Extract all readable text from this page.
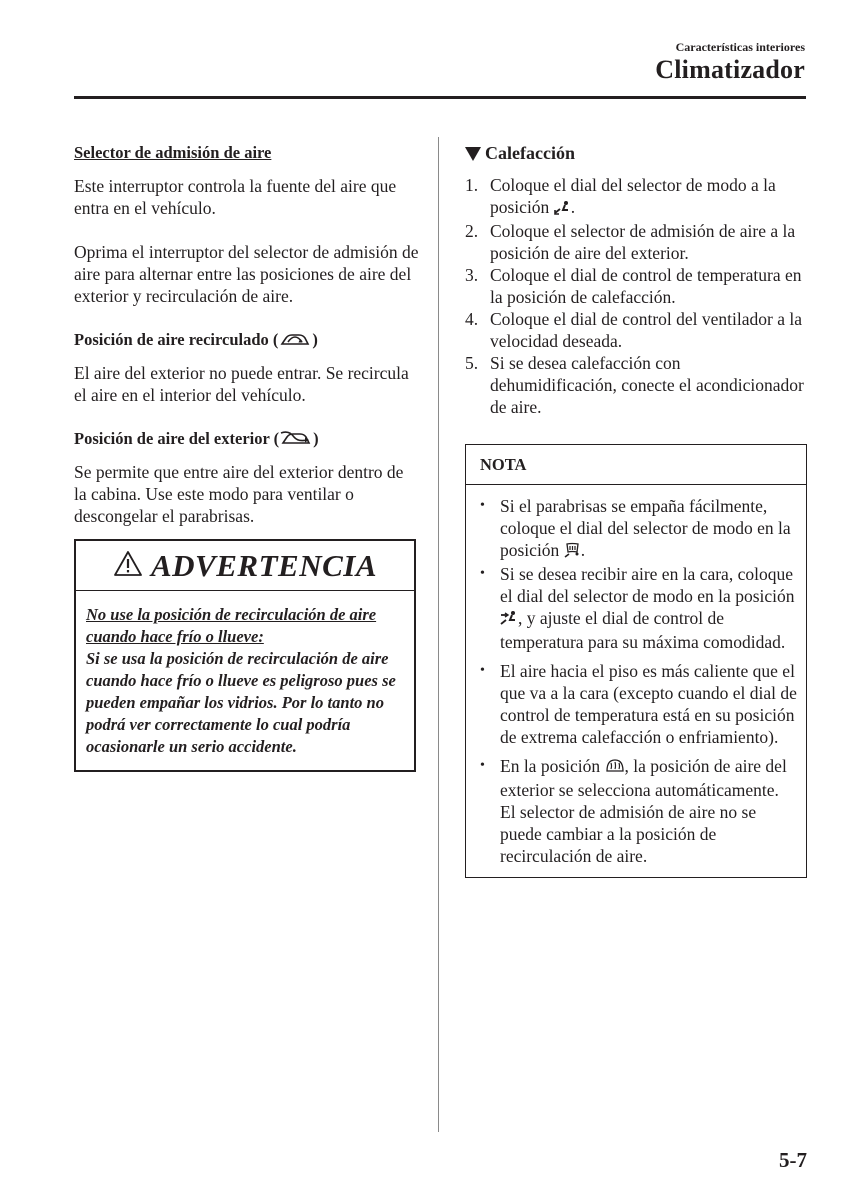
Características interiores
Climatizador
Selector de admisión de aire

Este interruptor controla la fuente del aire que entra en el vehículo.

Oprima el interruptor del selector de admisión de aire para alternar entre las posiciones de aire del exterior y recirculación de aire.

Posición de aire recirculado ( )

El aire del exterior no puede entrar. Se recircula el aire en el interior del vehículo.

Posición de aire del exterior ( )

Se permite que entre aire del exterior dentro de la cabina. Use este modo para ventilar o descongelar el parabrisas.

ADVERTENCIA
No use la posición de recirculación de aire cuando hace frío o llueve:
Si se usa la posición de recirculación de aire cuando hace frío o llueve es peligroso pues se pueden empañar los vidrios. Por lo tanto no podrá ver correctamente lo cual podría ocasionarle un serio accidente.
Calefacción
1. Coloque el dial del selector de modo a la posición .
2. Coloque el selector de admisión de aire a la posición de aire del exterior.
3. Coloque el dial de control de temperatura en la posición de calefacción.
4. Coloque el dial de control del ventilador a la velocidad deseada.
5. Si se desea calefacción con dehumidificación, conecte el acondicionador de aire.
NOTA
• Si el parabrisas se empaña fácilmente, coloque el dial del selector de modo en la posición .
• Si se desea recibir aire en la cara, coloque el dial del selector de modo en la posición , y ajuste el dial de control de temperatura para su máxima comodidad.
• El aire hacia el piso es más caliente que el que va a la cara (excepto cuando el dial de control de temperatura está en su posición de extrema calefacción o enfriamiento).
• En la posición , la posición de aire del exterior se selecciona automáticamente. El selector de admisión de aire no se puede cambiar a la posición de recirculación de aire.
5-7
